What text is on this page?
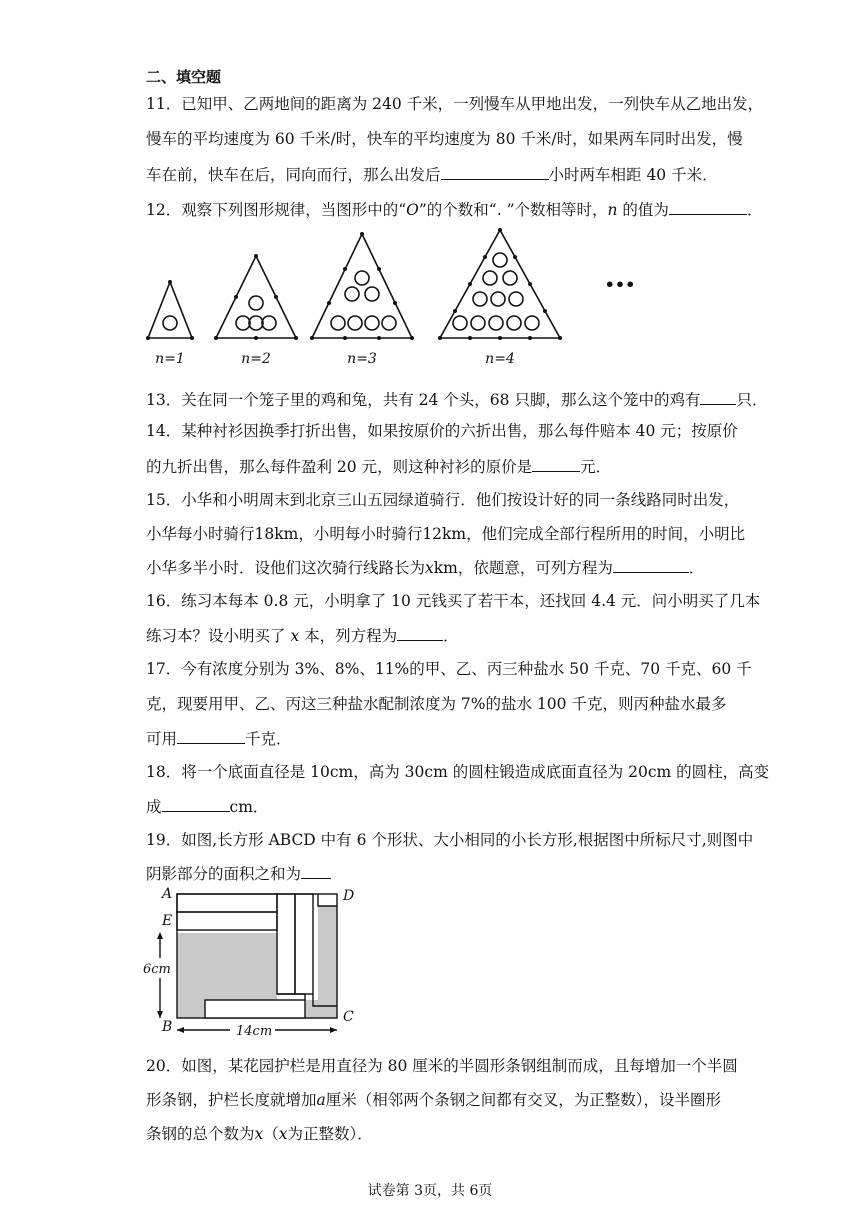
二、填空题
11．已知甲、乙两地间的距离为 240 千米，一列慢车从甲地出发，一列快车从乙地出发，
慢车的平均速度为 60 千米/时，快车的平均速度为 80 千米/时，如果两车同时出发，慢
车在前，快车在后，同向而行，那么出发后	小时两车相距 40 千米．
12．观察下列图形规律，当图形中的“O”的个数和“. ”个数相等时，n 的值为	．
n=1	n=2	n=3	n=4
•••
13．关在同一个笼子里的鸡和兔，共有 24 个头，68 只脚，那么这个笼中的鸡有 只．
14．某种衬衫因换季打折出售，如果按原价的六折出售，那么每件赔本 40 元；按原价
的九折出售，那么每件盈利 20 元，则这种衬衫的原价是	元．
15．小华和小明周末到北京三山五园绿道骑行．他们按设计好的同一条线路同时出发，
小华每小时骑行18km，小明每小时骑行12km，他们完成全部行程所用的时间，小明比
小华多半小时．设他们这次骑行线路长为xkm，依题意，可列方程为	．
16．练习本每本 0.8 元，小明拿了 10 元钱买了若干本，还找回 4.4 元．问小明买了几本
练习本？设小明买了 x 本，列方程为	．
17．今有浓度分别为 3%、8%、11%的甲、乙、丙三种盐水 50 千克、70 千克、60 千
克，现要用甲、乙、丙这三种盐水配制浓度为 7%的盐水 100 千克，则丙种盐水最多
可用	千克．
18．将一个底面直径是 10cm，高为 30cm 的圆柱锻造成底面直径为 20cm 的圆柱，高变
成	cm．
19．如图,长方形 ABCD 中有 6 个形状、大小相同的小长方形,根据图中所标尺寸,则图中
阴影部分的面积之和为
A
E
D
B
C
6cm
14cm
20．如图，某花园护栏是用直径为 80 厘米的半圆形条钢组制而成，且每增加一个半圆
形条钢，护栏长度就增加a厘米（相邻两个条钢之间都有交叉，为正整数），设半圈形
条钢的总个数为x（x为正整数）．
试卷第 3页，共 6页
